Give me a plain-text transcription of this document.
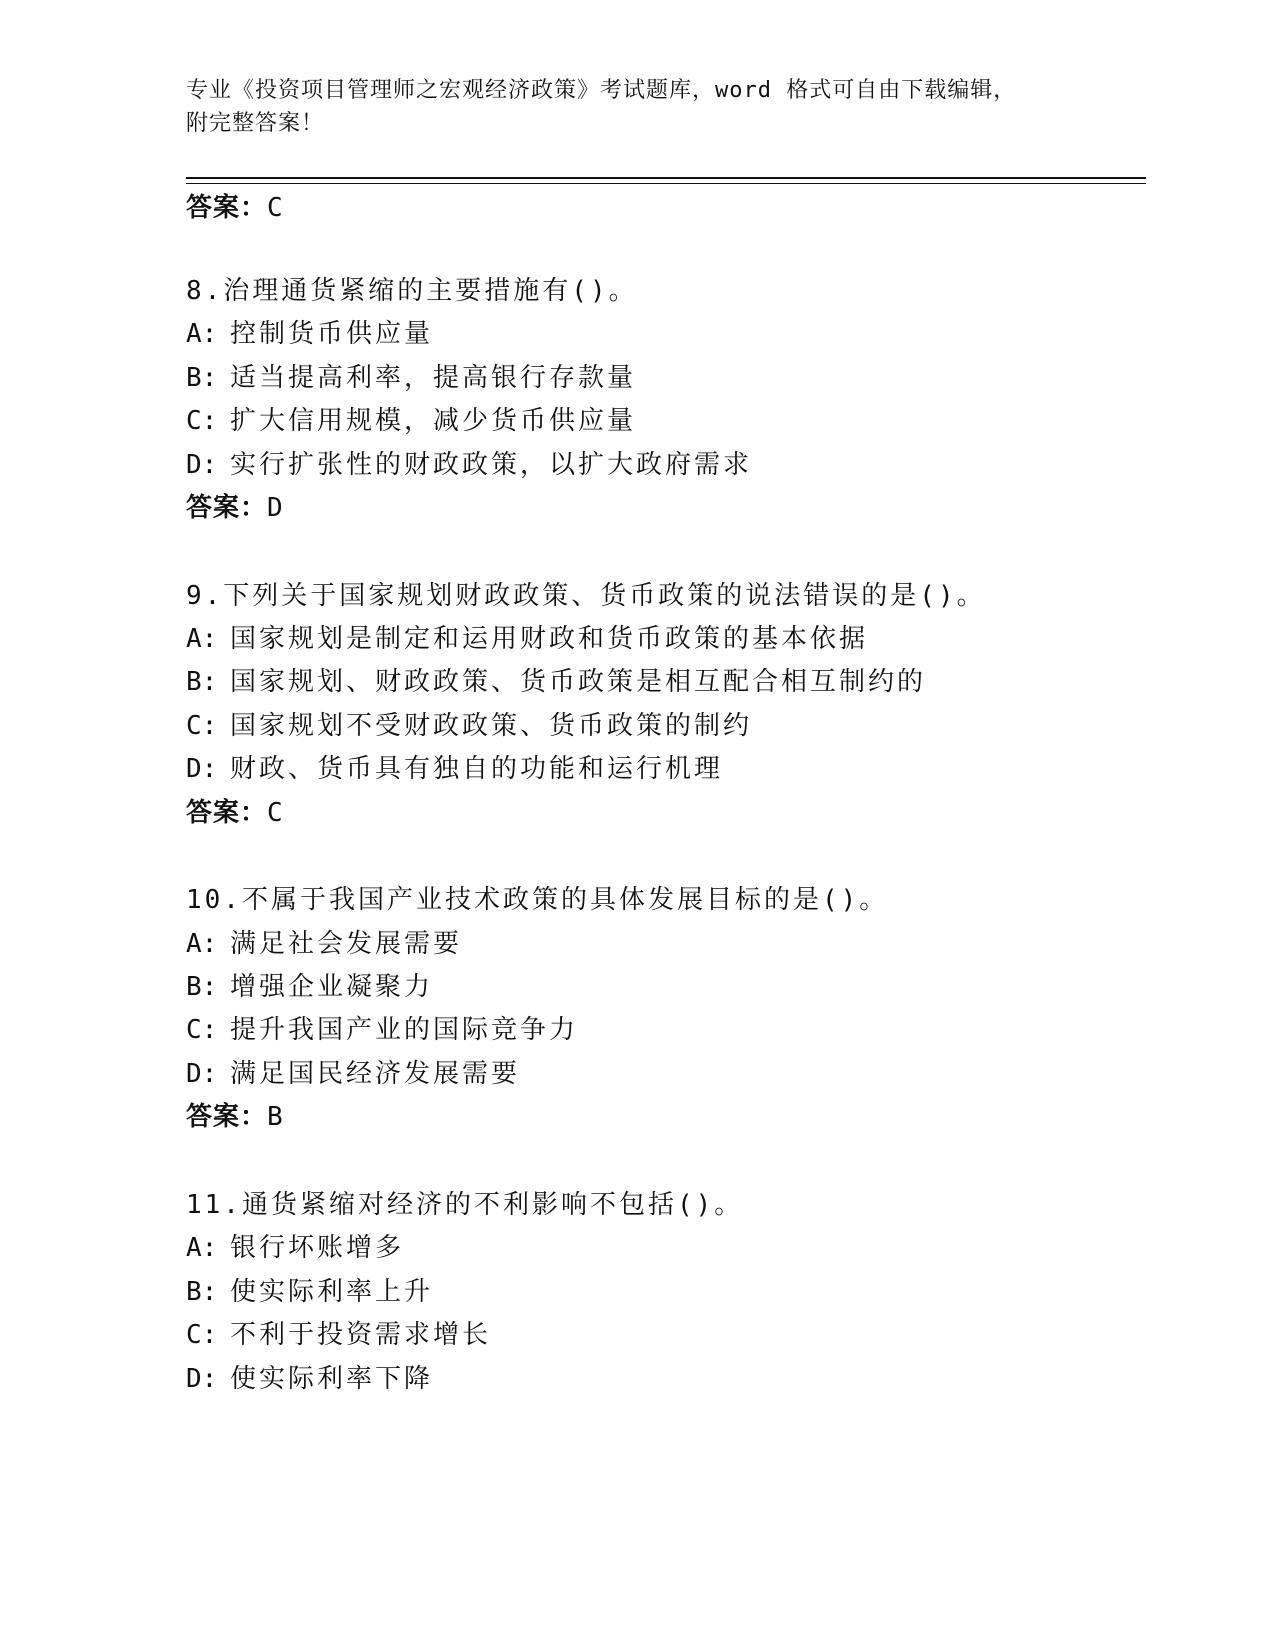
专业《投资项目管理师之宏观经济政策》考试题库，word 格式可自由下载编辑，
附完整答案！
答案：C
8.治理通货紧缩的主要措施有()。
A: 控制货币供应量
B: 适当提高利率，提高银行存款量
C: 扩大信用规模，减少货币供应量
D: 实行扩张性的财政政策，以扩大政府需求
答案：D
9.下列关于国家规划财政政策、货币政策的说法错误的是()。
A: 国家规划是制定和运用财政和货币政策的基本依据
B: 国家规划、财政政策、货币政策是相互配合相互制约的
C: 国家规划不受财政政策、货币政策的制约
D: 财政、货币具有独自的功能和运行机理
答案：C
10.不属于我国产业技术政策的具体发展目标的是()。
A: 满足社会发展需要
B: 增强企业凝聚力
C: 提升我国产业的国际竞争力
D: 满足国民经济发展需要
答案：B
11.通货紧缩对经济的不利影响不包括()。
A: 银行坏账增多
B: 使实际利率上升
C: 不利于投资需求增长
D: 使实际利率下降
